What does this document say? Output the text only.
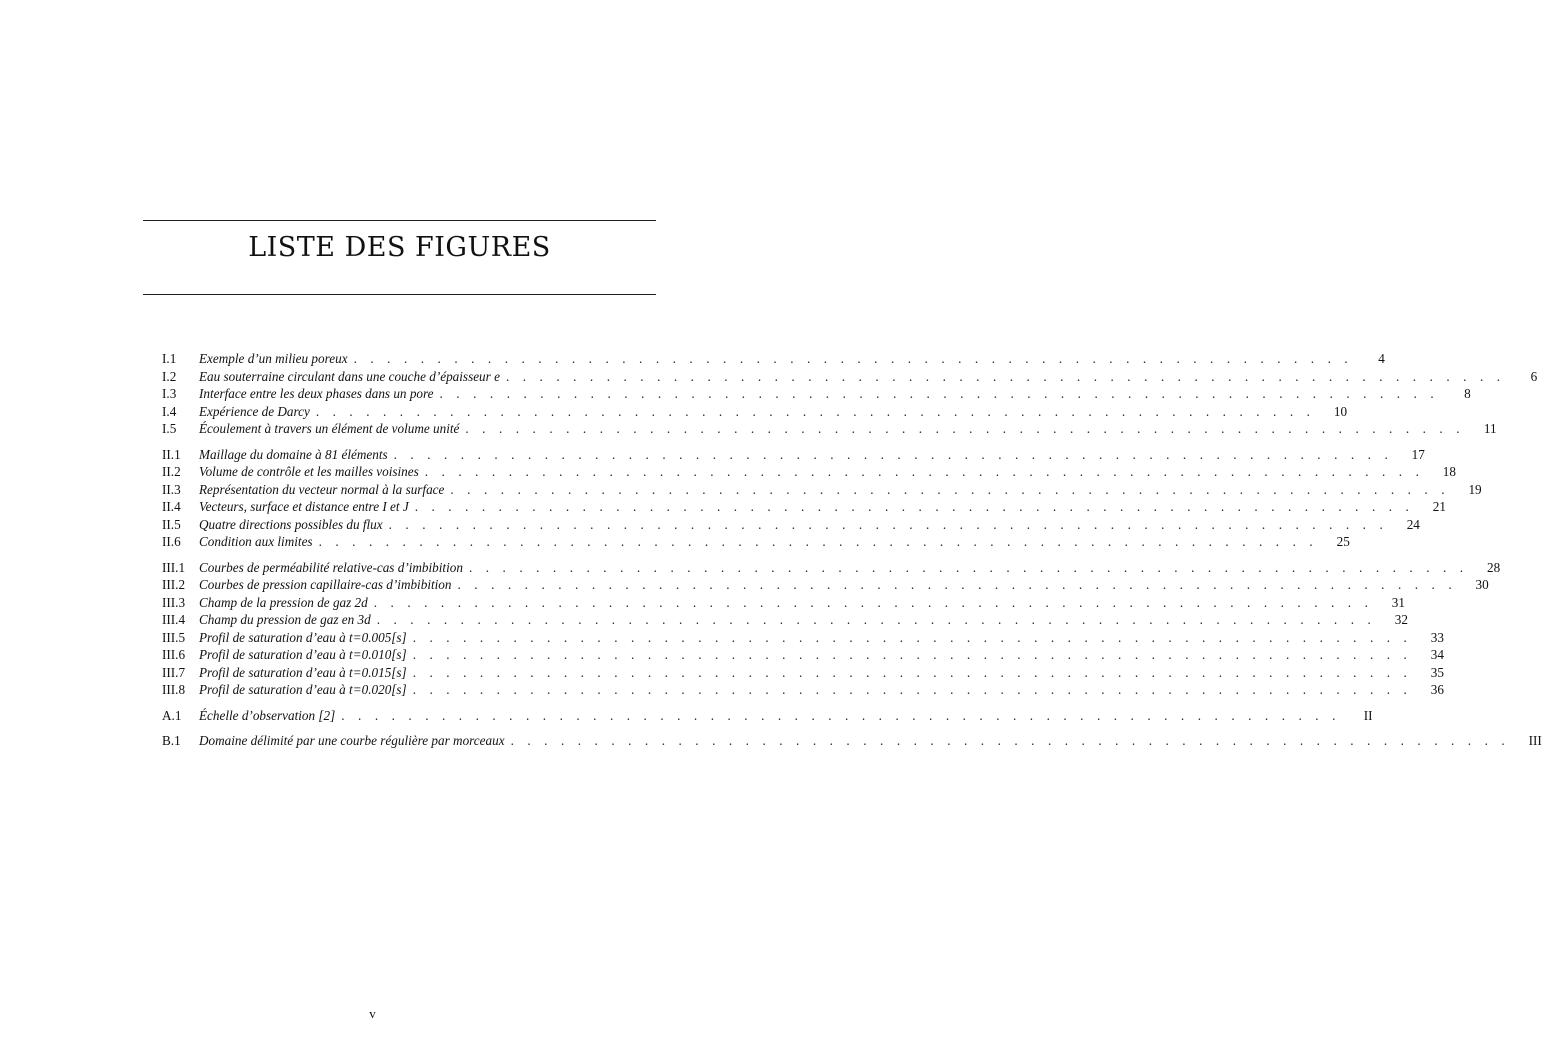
LISTE DES FIGURES
I.1	Exemple d’un milieu poreux . . . . . . . . . . . . . . . . . . . . . . . . . . . . . . . . . . . . . . . . . . . . . . . . . . . . . . . . . . . .	4
I.2	Eau souterraine circulant dans une couche d’épaisseur e . . . . . . . . . . . . . . . . . . . . . . . . . . . . . . . . . . . . . . . . . . . . . . . . . . . . . . . . . . . .	6
I.3	Interface entre les deux phases dans un pore . . . . . . . . . . . . . . . . . . . . . . . . . . . . . . . . . . . . . . . . . . . . . . . . . . . . . . . . . . . .	8
I.4	Expérience de Darcy . . . . . . . . . . . . . . . . . . . . . . . . . . . . . . . . . . . . . . . . . . . . . . . . . . . . . . . . . . . .	10
I.5	Écoulement à travers un élément de volume unité . . . . . . . . . . . . . . . . . . . . . . . . . . . . . . . . . . . . . . . . . . . . . . . . . . . . . . . . . . . .	11
II.1	Maillage du domaine à 81 éléments . . . . . . . . . . . . . . . . . . . . . . . . . . . . . . . . . . . . . . . . . . . . . . . . . . . . . . . . . . . .	17
II.2	Volume de contrôle et les mailles voisines . . . . . . . . . . . . . . . . . . . . . . . . . . . . . . . . . . . . . . . . . . . . . . . . . . . . . . . . . . . .	18
II.3	Représentation du vecteur normal à la surface . . . . . . . . . . . . . . . . . . . . . . . . . . . . . . . . . . . . . . . . . . . . . . . . . . . . . . . . . . . .	19
II.4	Vecteurs, surface et distance entre I et J . . . . . . . . . . . . . . . . . . . . . . . . . . . . . . . . . . . . . . . . . . . . . . . . . . . . . . . . . . . .	21
II.5	Quatre directions possibles du flux . . . . . . . . . . . . . . . . . . . . . . . . . . . . . . . . . . . . . . . . . . . . . . . . . . . . . . . . . . . .	24
II.6	Condition aux limites . . . . . . . . . . . . . . . . . . . . . . . . . . . . . . . . . . . . . . . . . . . . . . . . . . . . . . . . . . . .	25
III.1	Courbes de perméabilité relative-cas d’imbibition . . . . . . . . . . . . . . . . . . . . . . . . . . . . . . . . . . . . . . . . . . . . . . . . . . . . . . . . . . . .	28
III.2	Courbes de pression capillaire-cas d’imbibition . . . . . . . . . . . . . . . . . . . . . . . . . . . . . . . . . . . . . . . . . . . . . . . . . . . . . . . . . . . .	30
III.3	Champ de la pression de gaz 2d . . . . . . . . . . . . . . . . . . . . . . . . . . . . . . . . . . . . . . . . . . . . . . . . . . . . . . . . . . . .	31
III.4	Champ du pression de gaz en 3d . . . . . . . . . . . . . . . . . . . . . . . . . . . . . . . . . . . . . . . . . . . . . . . . . . . . . . . . . . . .	32
III.5	Profil de saturation d’eau à t=0.005[s] . . . . . . . . . . . . . . . . . . . . . . . . . . . . . . . . . . . . . . . . . . . . . . . . . . . . . . . . . . . .	33
III.6	Profil de saturation d’eau à t=0.010[s] . . . . . . . . . . . . . . . . . . . . . . . . . . . . . . . . . . . . . . . . . . . . . . . . . . . . . . . . . . . .	34
III.7	Profil de saturation d’eau à t=0.015[s] . . . . . . . . . . . . . . . . . . . . . . . . . . . . . . . . . . . . . . . . . . . . . . . . . . . . . . . . . . . .	35
III.8	Profil de saturation d’eau à t=0.020[s] . . . . . . . . . . . . . . . . . . . . . . . . . . . . . . . . . . . . . . . . . . . . . . . . . . . . . . . . . . . .	36
A.1	Échelle d’observation [2] . . . . . . . . . . . . . . . . . . . . . . . . . . . . . . . . . . . . . . . . . . . . . . . . . . . . . . . . . . . .	II
B.1	Domaine délimité par une courbe régulière par morceaux . . . . . . . . . . . . . . . . . . . . . . . . . . . . . . . . . . . . . . . . . . . . . . . . . . . . . . . . . . . .	III
v
